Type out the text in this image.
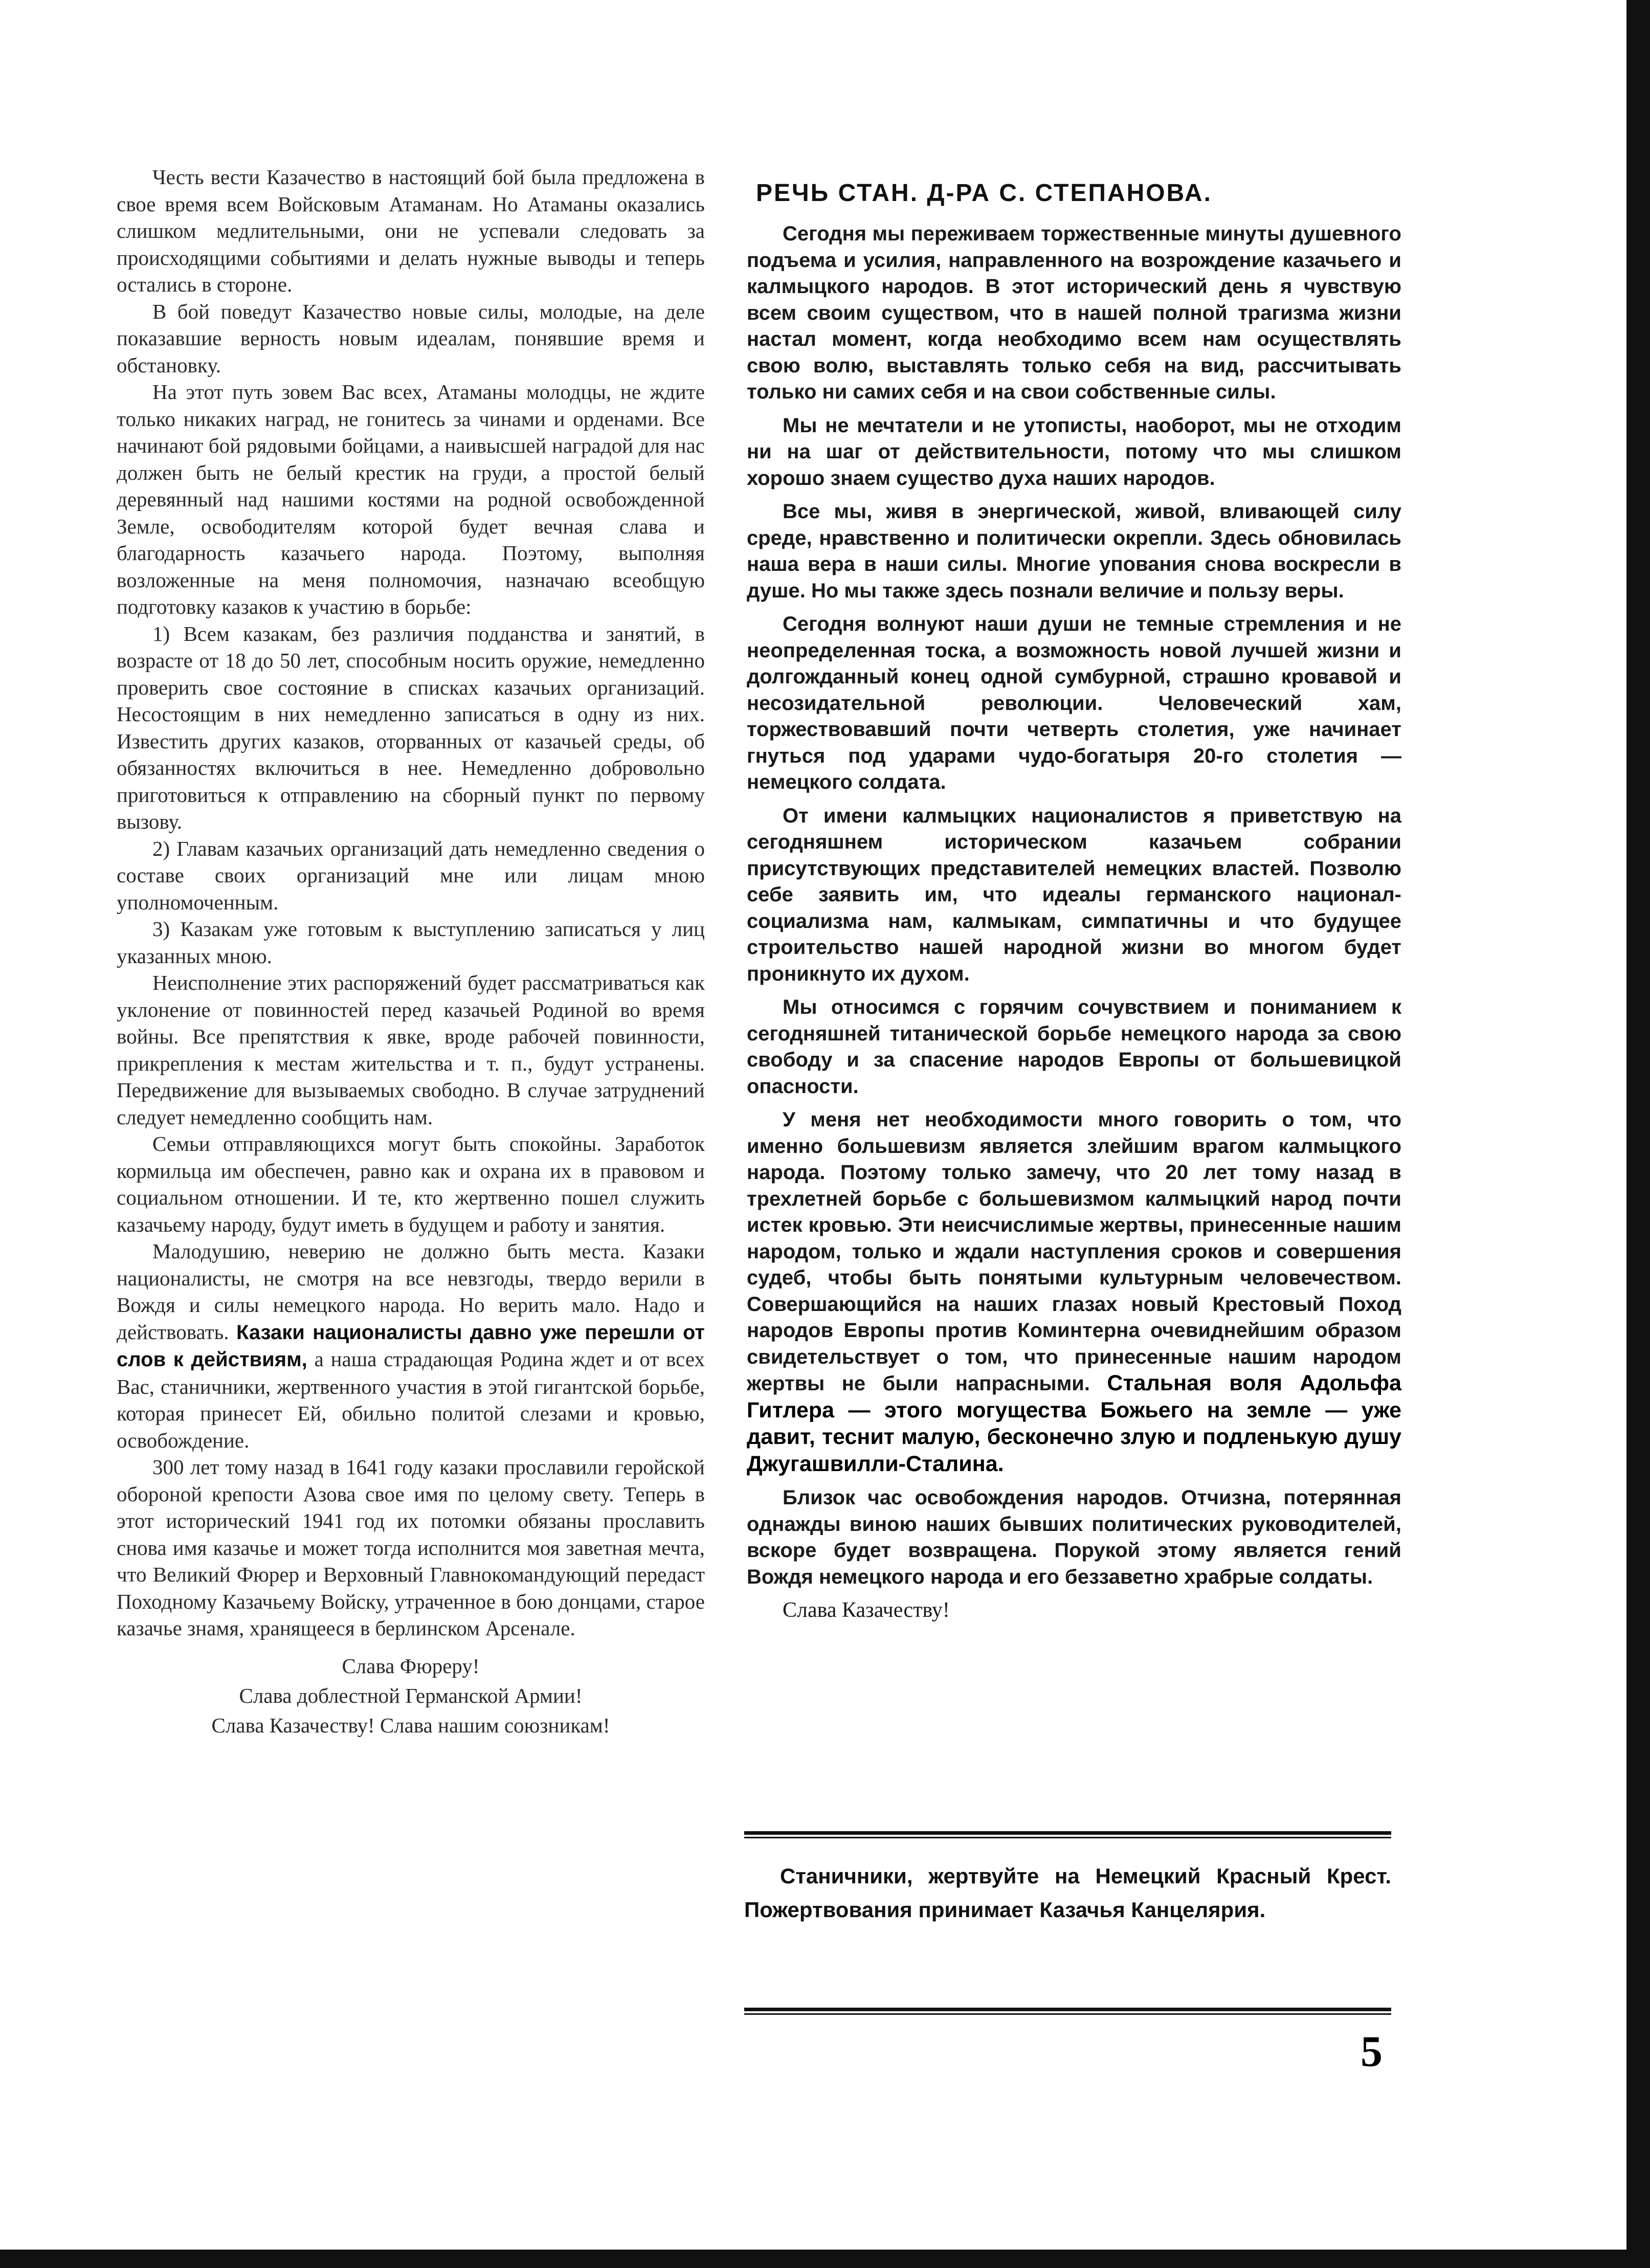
Честь вести Казачество в настоящий бой была предложена в свое время всем Войсковым Атаманам. Но Атаманы оказались слишком медлительными, они не успевали следовать за происходящими событиями и делать нужные выводы и теперь остались в стороне.

В бой поведут Казачество новые силы, молодые, на деле показавшие верность новым идеалам, понявшие время и обстановку.

На этот путь зовем Вас всех, Атаманы молодцы, не ждите только никаких наград, не гонитесь за чинами и орденами. Все начинают бой рядовыми бойцами, а наивысшей наградой для нас должен быть не белый крестик на груди, а простой белый деревянный над нашими костями на родной освобожденной Земле, освободителям которой будет вечная слава и благодарность казачьего народа. Поэтому, выполняя возложенные на меня полномочия, назначаю всеобщую подготовку казаков к участию в борьбе:

1) Всем казакам, без различия подданства и занятий, в возрасте от 18 до 50 лет, способным носить оружие, немедленно проверить свое состояние в списках казачьих организаций. Несостоящим в них немедленно записаться в одну из них. Известить других казаков, оторванных от казачьей среды, об обязанностях включиться в нее. Немедленно добровольно приготовиться к отправлению на сборный пункт по первому вызову.

2) Главам казачьих организаций дать немедленно сведения о составе своих организаций мне или лицам мною уполномоченным.

3) Казакам уже готовым к выступлению записаться у лиц указанных мною.

Неисполнение этих распоряжений будет рассматриваться как уклонение от повинностей перед казачьей Родиной во время войны. Все препятствия к явке, вроде рабочей повинности, прикрепления к местам жительства и т. п., будут устранены. Передвижение для вызываемых свободно. В случае затруднений следует немедленно сообщить нам.

Семьи отправляющихся могут быть спокойны. Заработок кормильца им обеспечен, равно как и охрана их в правовом и социальном отношении. И те, кто жертвенно пошел служить казачьему народу, будут иметь в будущем и работу и занятия.

Малодушию, неверию не должно быть места. Казаки националисты, не смотря на все невзгоды, твердо верили в Вождя и силы немецкого народа. Но верить мало. Надо и действовать. Казаки националисты давно уже перешли от слов к действиям, а наша страдающая Родина ждет и от всех Вас, станичники, жертвенного участия в этой гигантской борьбе, которая принесет Ей, обильно политой слезами и кровью, освобождение.

300 лет тому назад в 1641 году казаки прославили геройской обороной крепости Азова свое имя по целому свету. Теперь в этот исторический 1941 год их потомки обязаны прославить снова имя казачье и может тогда исполнится моя заветная мечта, что Великий Фюрер и Верховный Главнокомандующий передаст Походному Казачьему Войску, утраченное в бою донцами, старое казачье знамя, хранящееся в берлинском Арсенале.

Слава Фюреру!
Слава доблестной Германской Армии!
Слава Казачеству! Слава нашим союзникам!
РЕЧЬ СТАН. Д-РА С. СТЕПАНОВА.

Сегодня мы переживаем торжественные минуты душевного подъема и усилия, направленного на возрождение казачьего и калмыцкого народов. В этот исторический день я чувствую всем своим существом, что в нашей полной трагизма жизни настал момент, когда необходимо всем нам осуществлять свою волю, выставлять только себя на вид, рассчитывать только ни самих себя и на свои собственные силы.

Мы не мечтатели и не утописты, наоборот, мы не отходим ни на шаг от действительности, потому что мы слишком хорошо знаем существо духа наших народов.

Все мы, живя в энергической, живой, вливающей силу среде, нравственно и политически окрепли. Здесь обновилась наша вера в наши силы. Многие упования снова воскресли в душе. Но мы также здесь познали величие и пользу веры.

Сегодня волнуют наши души не темные стремления и не неопределенная тоска, а возможность новой лучшей жизни и долгожданный конец одной сумбурной, страшно кровавой и несозидательной революции. Человеческий хам, торжествовавший почти четверть столетия, уже начинает гнуться под ударами чудо-богатыря 20-го столетия — немецкого солдата.

От имени калмыцких националистов я приветствую на сегодняшнем историческом казачьем собрании присутствующих представителей немецких властей. Позволю себе заявить им, что идеалы германского национал-социализма нам, калмыкам, симпатичны и что будущее строительство нашей народной жизни во многом будет проникнуто их духом.

Мы относимся с горячим сочувствием и пониманием к сегодняшней титанической борьбе немецкого народа за свою свободу и за спасение народов Европы от большевицкой опасности.

У меня нет необходимости много говорить о том, что именно большевизм является злейшим врагом калмыцкого народа. Поэтому только замечу, что 20 лет тому назад в трехлетней борьбе с большевизмом калмыцкий народ почти истек кровью. Эти неисчислимые жертвы, принесенные нашим народом, только и ждали наступления сроков и совершения судеб, чтобы быть понятыми культурным человечеством. Совершающийся на наших глазах новый Крестовый Поход народов Европы против Коминтерна очевиднейшим образом свидетельствует о том, что принесенные нашим народом жертвы не были напрасными. Стальная воля Адольфа Гитлера — этого могущества Божьего на земле — уже давит, теснит малую, бесконечно злую и подленькую душу Джугашвилли-Сталина.

Близок час освобождения народов. Отчизна, потерянная однажды виною наших бывших политических руководителей, вскоре будет возвращена. Порукой этому является гений Вождя немецкого народа и его беззаветно храбрые солдаты.

Слава Казачеству!

Станичники, жертвуйте на Немецкий Красный Крест. Пожертвования принимает Казачья Канцелярия.
5
